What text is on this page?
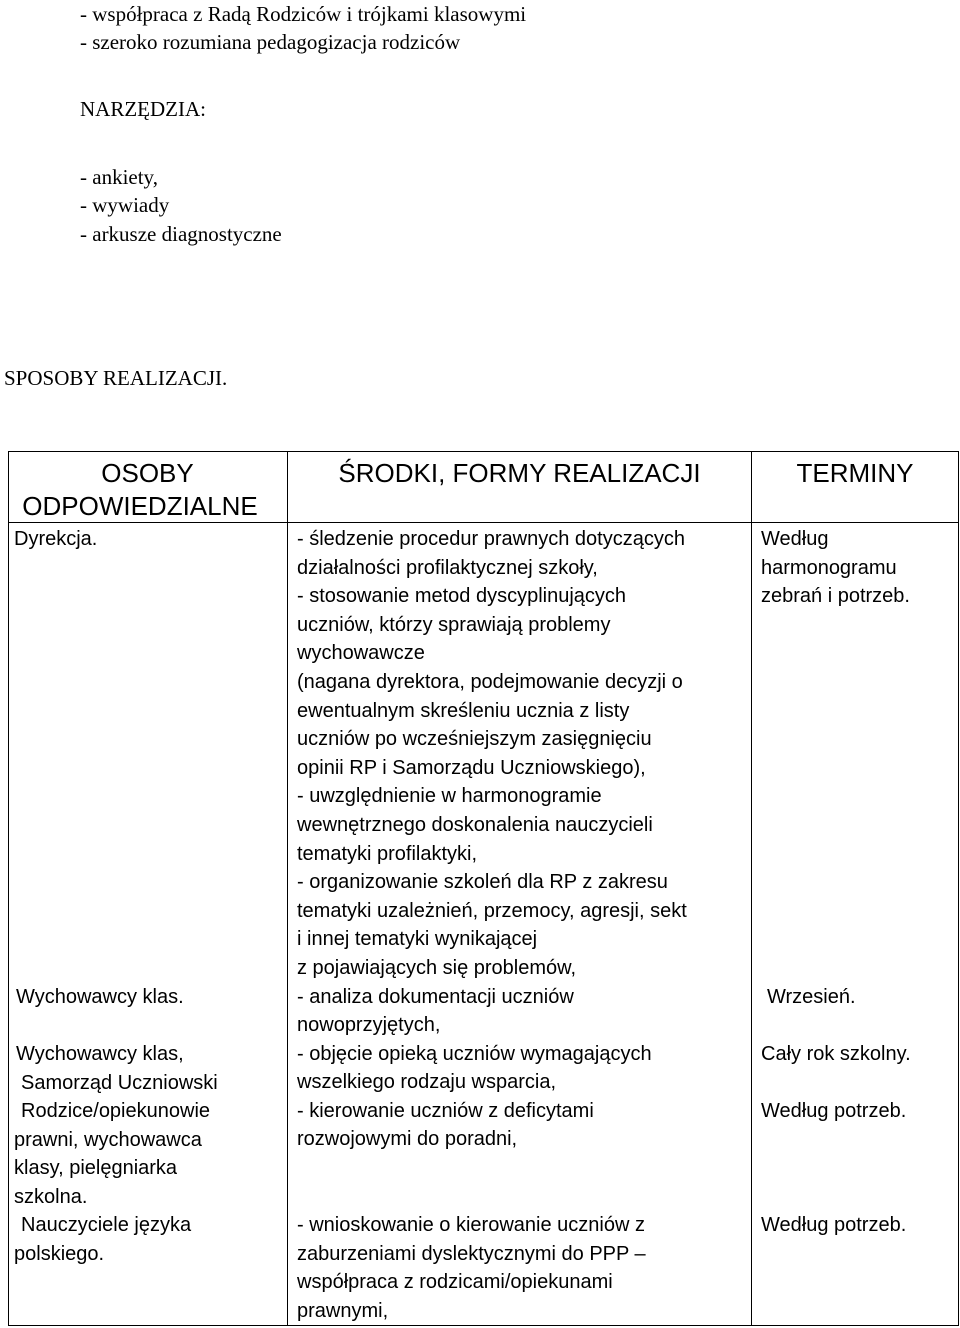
- współpraca z Radą Rodziców i trójkami klasowymi
- szeroko rozumiana pedagogizacja rodziców
NARZĘDZIA:
- ankiety,
- wywiady
- arkusze diagnostyczne
SPOSOBY REALIZACJI.
OSOBY
ODPOWIEDZIALNE
ŚRODKI, FORMY REALIZACJI	TERMINY
Dyrekcja.
Wychowawcy klas.
Wychowawcy klas,
Samorząd Uczniowski
Rodzice/opiekunowie
prawni, wychowawca
klasy, pielęgniarka
szkolna.
Nauczyciele języka
polskiego.
- śledzenie procedur prawnych dotyczących
działalności profilaktycznej szkoły,
- stosowanie metod dyscyplinujących
uczniów, którzy sprawiają problemy
wychowawcze
(nagana dyrektora, podejmowanie decyzji o
ewentualnym skreśleniu ucznia z listy
uczniów po wcześniejszym zasięgnięciu
opinii RP i Samorządu Uczniowskiego),
- uwzględnienie w harmonogramie
wewnętrznego doskonalenia nauczycieli
tematyki profilaktyki,
- organizowanie szkoleń dla RP z zakresu
tematyki uzależnień, przemocy, agresji, sekt
i innej tematyki wynikającej
z pojawiających się problemów,
- analiza dokumentacji uczniów
nowoprzyjętych,
- objęcie opieką uczniów wymagających
wszelkiego rodzaju wsparcia,
- kierowanie uczniów z deficytami
rozwojowymi do poradni,
- wnioskowanie o kierowanie uczniów z
zaburzeniami dyslektycznymi do PPP –
współpraca z rodzicami/opiekunami
prawnymi,
Według
harmonogramu
zebrań i potrzeb.
Wrzesień.
Cały rok szkolny.
Według potrzeb.
Według potrzeb.
